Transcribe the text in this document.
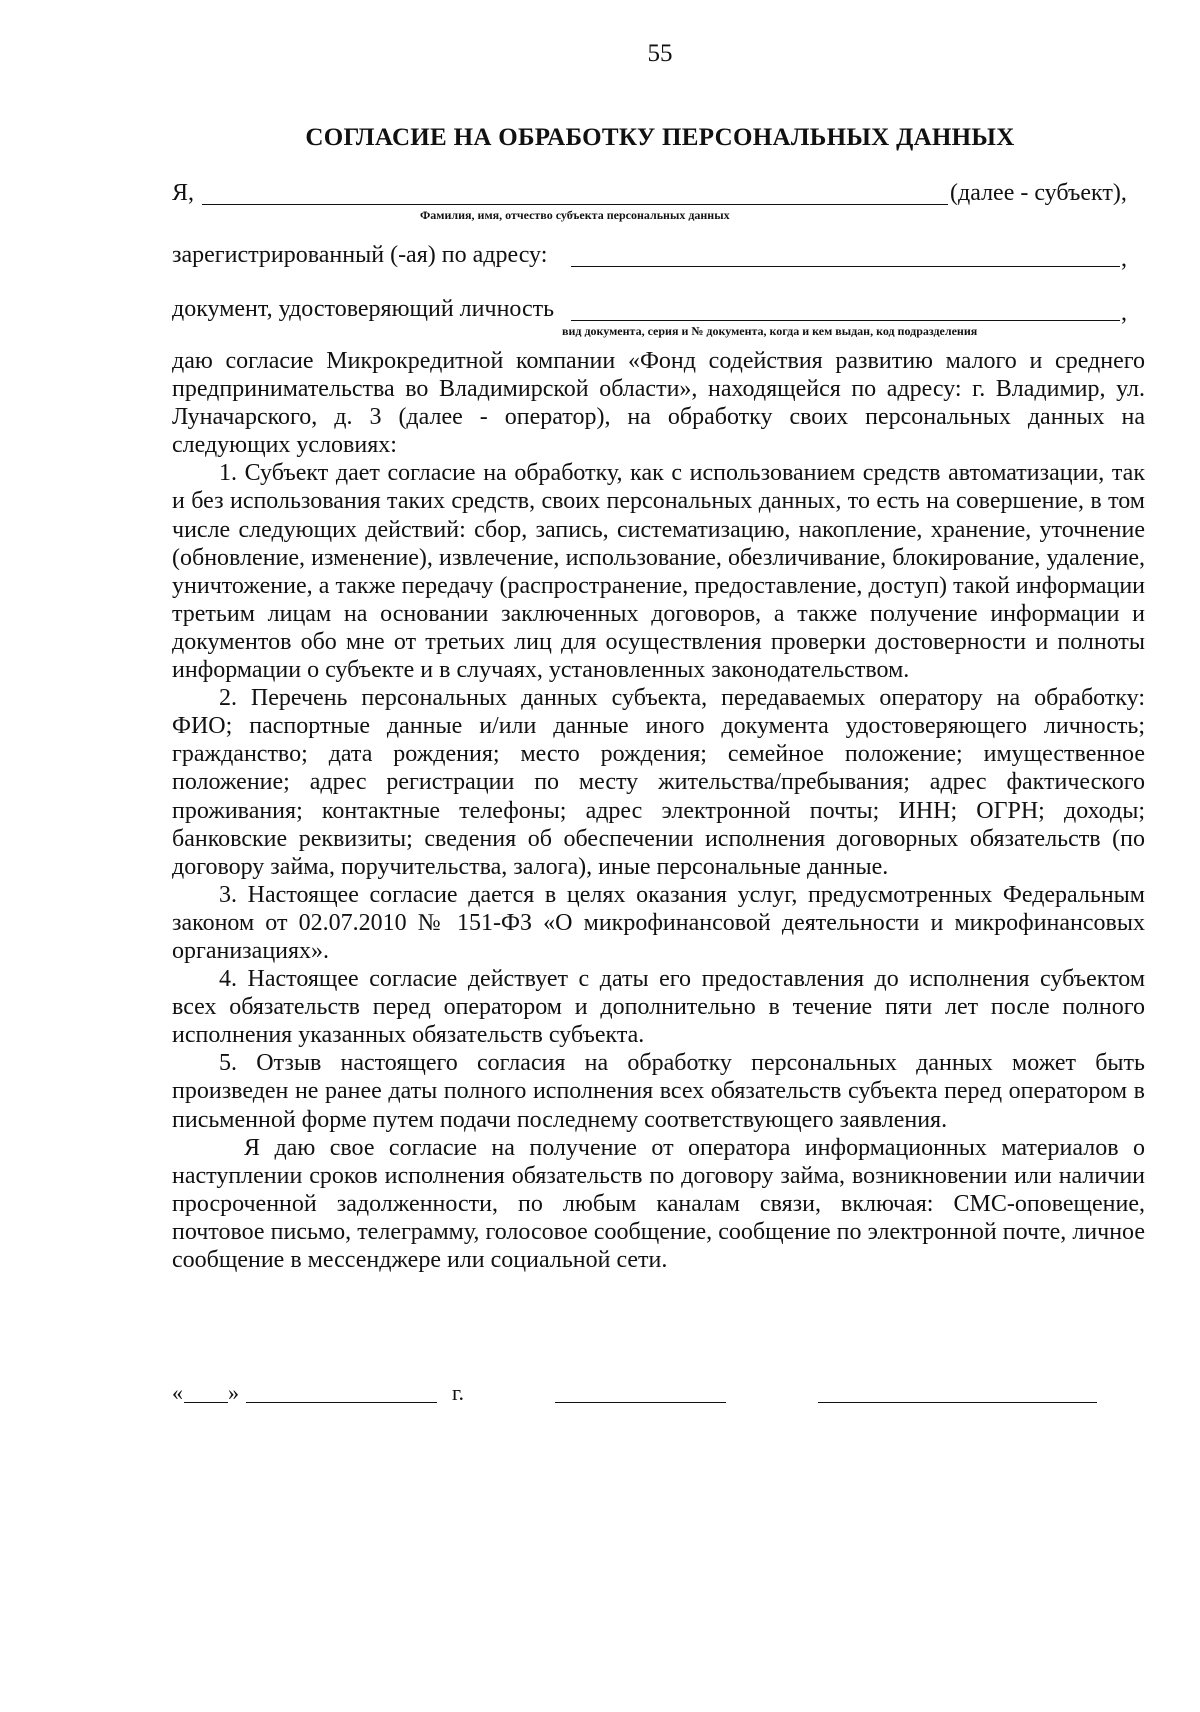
55
СОГЛАСИЕ НА ОБРАБОТКУ ПЕРСОНАЛЬНЫХ ДАННЫХ
Я,	(далее - субъект),
Фамилия, имя, отчество субъекта персональных данных
зарегистрированный (-ая) по адресу:	,
документ, удостоверяющий личность	,
вид документа, серия и № документа, когда и кем выдан, код подразделения

даю согласие Микрокредитной компании «Фонд содействия развитию малого и среднего предпринимательства во Владимирской области», находящейся по адресу: г. Владимир, ул. Луначарского, д. 3 (далее - оператор), на обработку своих персональных данных на следующих условиях:

1. Субъект дает согласие на обработку, как с использованием средств автоматизации, так и без использования таких средств, своих персональных данных, то есть на совершение, в том числе следующих действий: сбор, запись, систематизацию, накопление, хранение, уточнение (обновление, изменение), извлечение, использование, обезличивание, блокирование, удаление, уничтожение, а также передачу (распространение, предоставление, доступ) такой информации третьим лицам на основании заключенных договоров, а также получение информации и документов обо мне от третьих лиц для осуществления проверки достоверности и полноты информации о субъекте и в случаях, установленных законодательством.

2. Перечень персональных данных субъекта, передаваемых оператору на обработку: ФИО; паспортные данные и/или данные иного документа удостоверяющего личность; гражданство; дата рождения; место рождения; семейное положение; имущественное положение; адрес регистрации по месту жительства/пребывания; адрес фактического проживания; контактные телефоны; адрес электронной почты; ИНН; ОГРН; доходы; банковские реквизиты; сведения об обеспечении исполнения договорных обязательств (по договору займа, поручительства, залога), иные персональные данные.

3. Настоящее согласие дается в целях оказания услуг, предусмотренных Федеральным законом от 02.07.2010 № 151-ФЗ «О микрофинансовой деятельности и микрофинансовых организациях».

4. Настоящее согласие действует с даты его предоставления до исполнения субъектом всех обязательств перед оператором и дополнительно в течение пяти лет после полного исполнения указанных обязательств субъекта.

5. Отзыв настоящего согласия на обработку персональных данных может быть произведен не ранее даты полного исполнения всех обязательств субъекта перед оператором в письменной форме путем подачи последнему соответствующего заявления.

Я даю свое согласие на получение от оператора информационных материалов о наступлении сроков исполнения обязательств по договору займа, возникновении или наличии просроченной задолженности, по любым каналам связи, включая: СМС-оповещение, почтовое письмо, телеграмму, голосовое сообщение, сообщение по электронной почте, личное сообщение в мессенджере или социальной сети.

« »	г.
